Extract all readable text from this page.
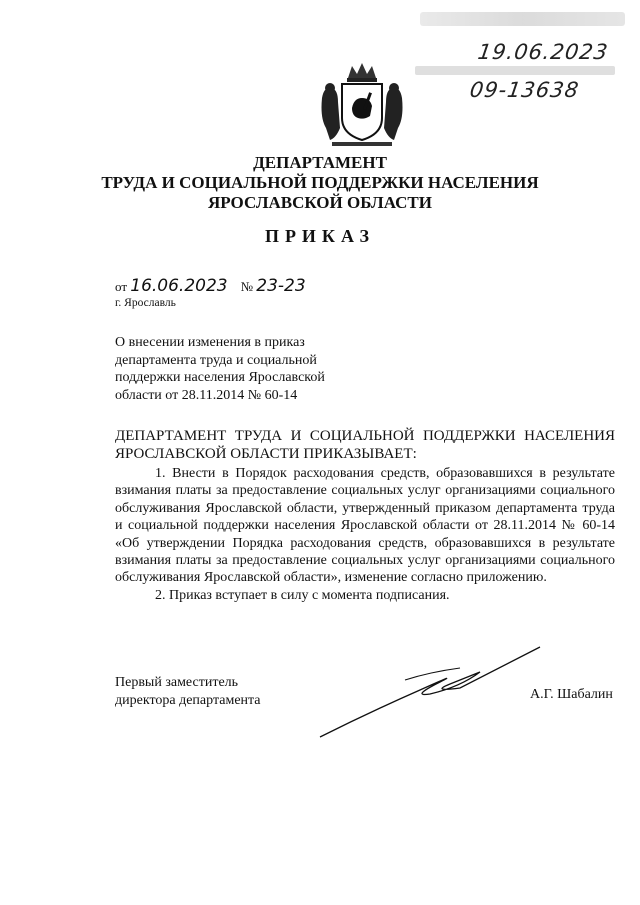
19.06.2023
09-13638
ДЕПАРТАМЕНТ
ТРУДА И СОЦИАЛЬНОЙ ПОДДЕРЖКИ НАСЕЛЕНИЯ
ЯРОСЛАВСКОЙ ОБЛАСТИ
ПРИКАЗ
от 16.06.2023 № 23-23
г. Ярославль
О внесении изменения в приказ департамента труда и социальной поддержки населения Ярославской области от 28.11.2014 № 60-14
ДЕПАРТАМЕНТ ТРУДА И СОЦИАЛЬНОЙ ПОДДЕРЖКИ НАСЕЛЕНИЯ ЯРОСЛАВСКОЙ ОБЛАСТИ ПРИКАЗЫВАЕТ:

1. Внести в Порядок расходования средств, образовавшихся в результате взимания платы за предоставление социальных услуг организациями социального обслуживания Ярославской области, утвержденный приказом департамента труда и социальной поддержки населения Ярославской области от 28.11.2014 № 60-14 «Об утверждении Порядка расходования средств, образовавшихся в результате взимания платы за предоставление социальных услуг организациями социального обслуживания Ярославской области», изменение согласно приложению.

2. Приказ вступает в силу с момента подписания.

Первый заместитель
директора департамента	А.Г. Шабалин
